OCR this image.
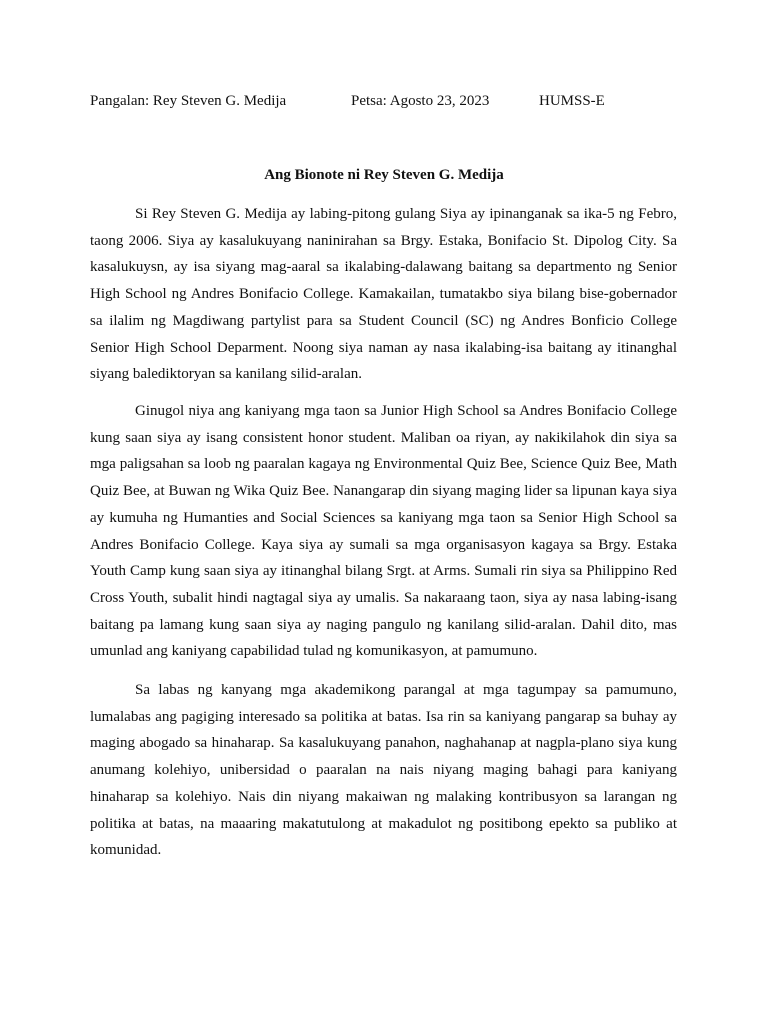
Pangalan: Rey Steven G. Medija	Petsa: Agosto 23, 2023	HUMSS-E
Ang Bionote ni Rey Steven G. Medija

Si Rey Steven G. Medija ay labing-pitong gulang Siya ay ipinanganak sa ika-5 ng Febro, taong 2006. Siya ay kasalukuyang naninirahan sa Brgy. Estaka, Bonifacio St. Dipolog City. Sa kasalukuysn, ay isa siyang mag-aaral sa ikalabing-dalawang baitang sa departmento ng Senior High School ng Andres Bonifacio College. Kamakailan, tumatakbo siya bilang bise-gobernador sa ilalim ng Magdiwang partylist para sa Student Council (SC) ng Andres Bonficio College Senior High School Deparment. Noong siya naman ay nasa ikalabing-isa baitang ay itinanghal siyang balediktoryan sa kanilang silid-aralan.

Ginugol niya ang kaniyang mga taon sa Junior High School sa Andres Bonifacio College kung saan siya ay isang consistent honor student. Maliban oa riyan, ay nakikilahok din siya sa mga paligsahan sa loob ng paaralan kagaya ng Environmental Quiz Bee, Science Quiz Bee, Math Quiz Bee, at Buwan ng Wika Quiz Bee. Nanangarap din siyang maging lider sa lipunan kaya siya ay kumuha ng Humanties and Social Sciences sa kaniyang mga taon sa Senior High School sa Andres Bonifacio College. Kaya siya ay sumali sa mga organisasyon kagaya sa Brgy. Estaka Youth Camp kung saan siya ay itinanghal bilang Srgt. at Arms. Sumali rin siya sa Philippino Red Cross Youth, subalit hindi nagtagal siya ay umalis. Sa nakaraang taon, siya ay nasa labing-isang baitang pa lamang kung saan siya ay naging pangulo ng kanilang silid-aralan. Dahil dito, mas umunlad ang kaniyang capabilidad tulad ng komunikasyon, at pamumuno.

Sa labas ng kanyang mga akademikong parangal at mga tagumpay sa pamumuno, lumalabas ang pagiging interesado sa politika at batas. Isa rin sa kaniyang pangarap sa buhay ay maging abogado sa hinaharap. Sa kasalukuyang panahon, naghahanap at nagpla-plano siya kung anumang kolehiyo, unibersidad o paaralan na nais niyang maging bahagi para kaniyang hinaharap sa kolehiyo. Nais din niyang makaiwan ng malaking kontribusyon sa larangan ng politika at batas, na maaaring makatutulong at makadulot ng positibong epekto sa publiko at komunidad.
